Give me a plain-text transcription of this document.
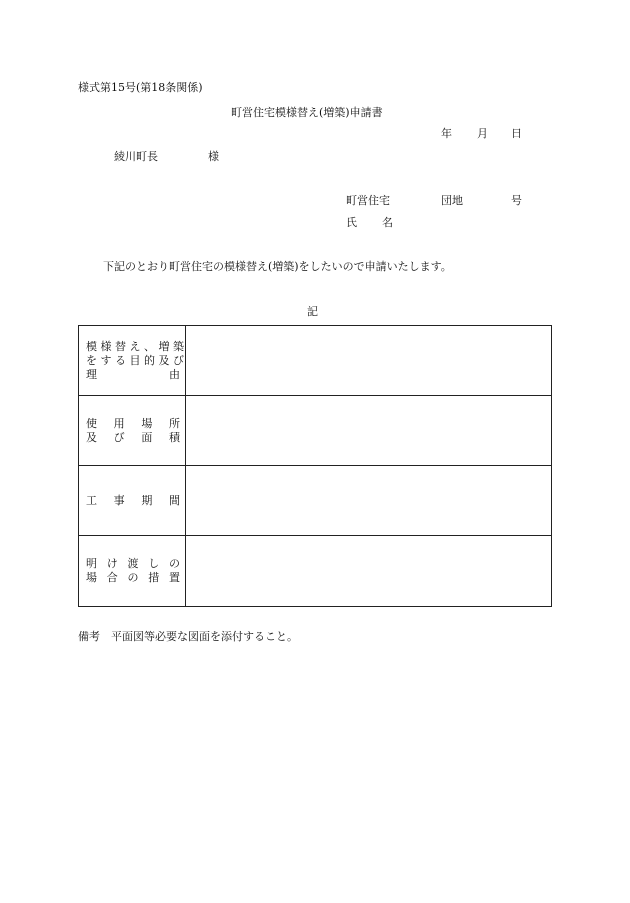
様式第15号(第18条関係)
町営住宅模様替え(増築)申請書
年 月 日
綾川町長	様
町営住宅	団地	号
氏 名
下記のとおり町営住宅の模様替え(増築)をしたいので申請いたします。
記
模 様 替 え 、 増 築
を す る 目 的 及 び
理 由
使 用 場 所
及 び 面 積
工 事 期 間
明 け 渡 し の
場 合 の 措 置
備考　平面図等必要な図面を添付すること。
